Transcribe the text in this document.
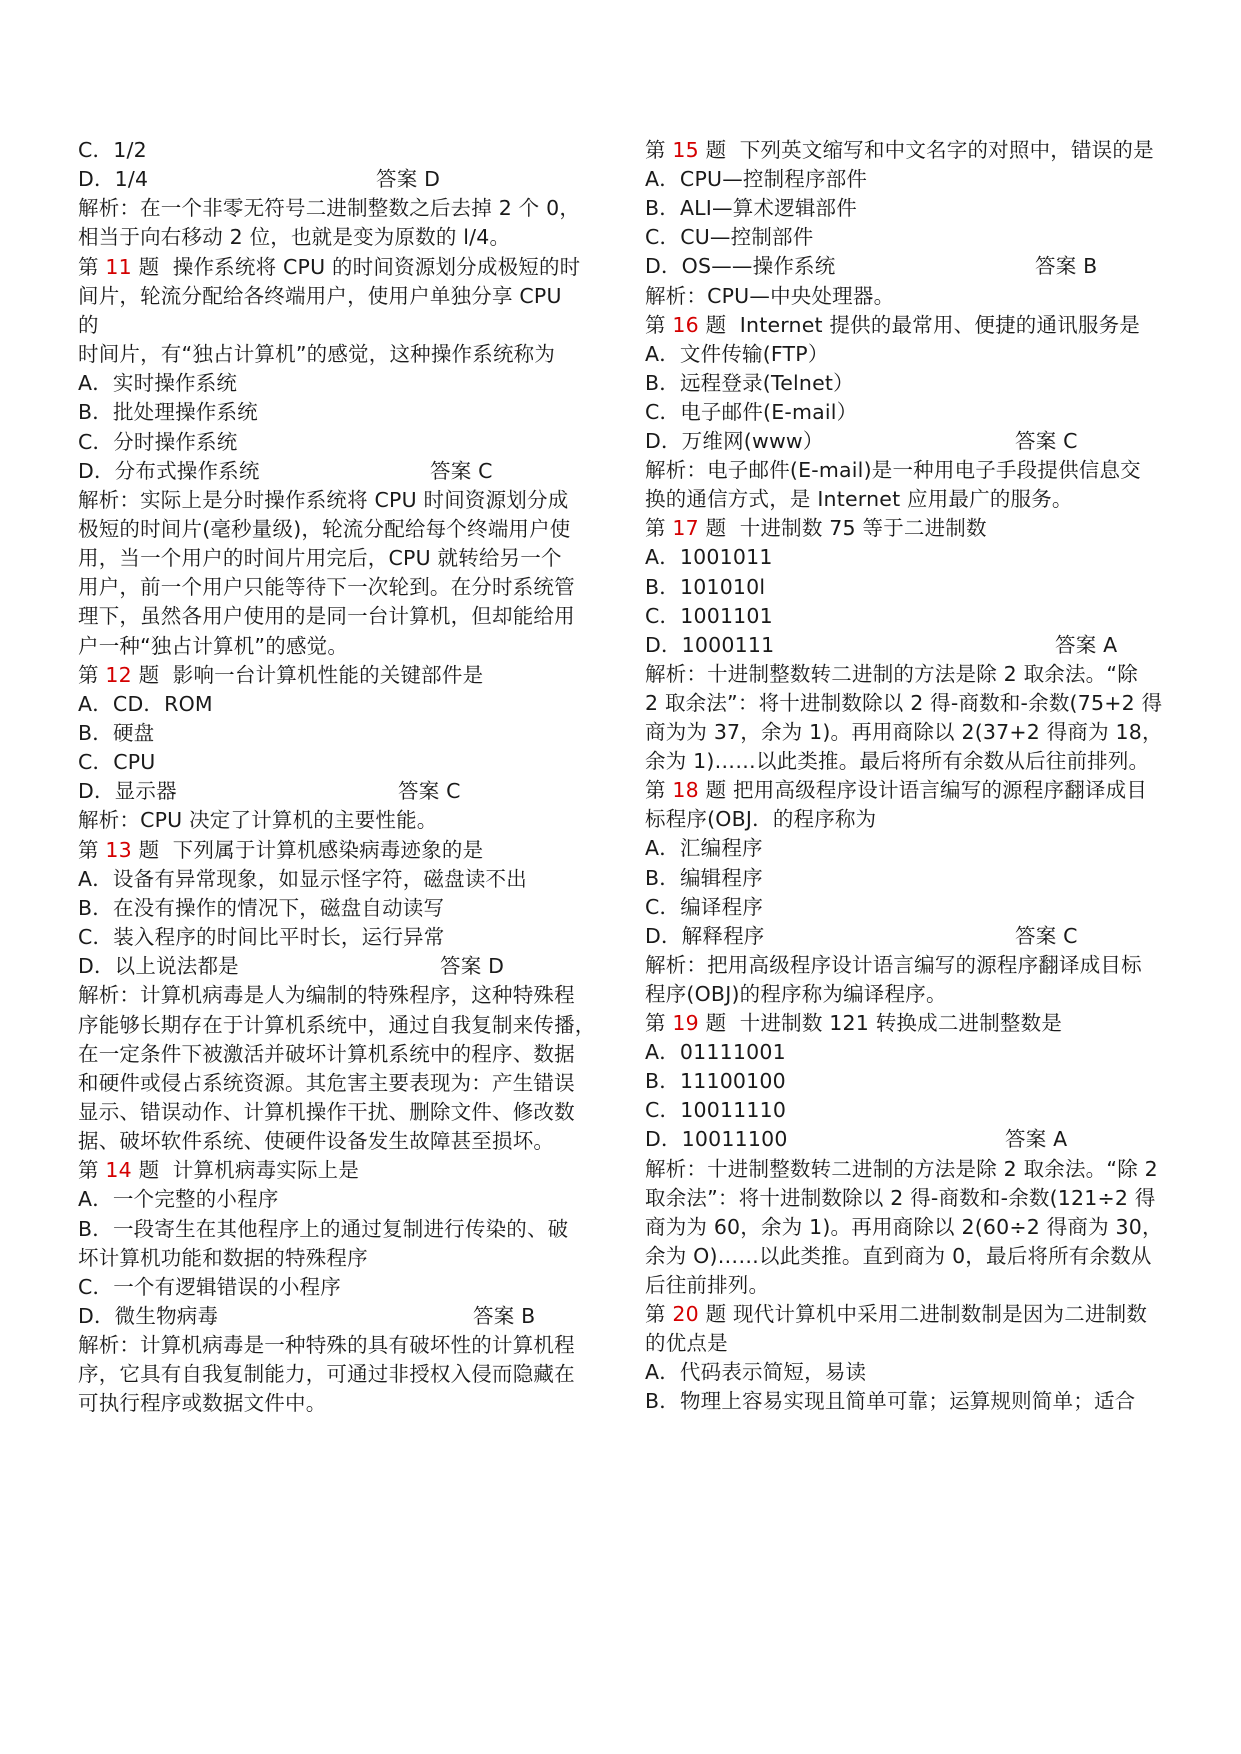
C．1/2
D．1/4	答案 D
解析：在一个非零无符号二进制整数之后去掉 2 个 0，
相当于向右移动 2 位，也就是变为原数的 l/4。
第 11 题  操作系统将 CPU 的时间资源划分成极短的时
间片，轮流分配给各终端用户，使用户单独分享 CPU
的
时间片，有“独占计算机”的感觉，这种操作系统称为
A．实时操作系统
B．批处理操作系统
C．分时操作系统
D．分布式操作系统	答案 C
解析：实际上是分时操作系统将 CPU 时间资源划分成
极短的时间片(毫秒量级)，轮流分配给每个终端用户使
用，当一个用户的时间片用完后，CPU 就转给另一个
用户，前一个用户只能等待下一次轮到。在分时系统管
理下，虽然各用户使用的是同一台计算机，但却能给用
户一种“独占计算机”的感觉。
第 12 题  影响一台计算机性能的关键部件是
A．CD．ROM
B．硬盘
C．CPU
D．显示器	答案 C
解析：CPU 决定了计算机的主要性能。
第 13 题  下列属于计算机感染病毒迹象的是
A．设备有异常现象，如显示怪字符，磁盘读不出
B．在没有操作的情况下，磁盘自动读写
C．装入程序的时间比平时长，运行异常
D．以上说法都是	答案 D
解析：计算机病毒是人为编制的特殊程序，这种特殊程
序能够长期存在于计算机系统中，通过自我复制来传播，
在一定条件下被激活并破坏计算机系统中的程序、数据
和硬件或侵占系统资源。其危害主要表现为：产生错误
显示、错误动作、计算机操作干扰、删除文件、修改数
据、破坏软件系统、使硬件设备发生故障甚至损坏。
第 14 题  计算机病毒实际上是
A．一个完整的小程序
B．一段寄生在其他程序上的通过复制进行传染的、破
坏计算机功能和数据的特殊程序
C．一个有逻辑错误的小程序
D．微生物病毒	答案 B
解析：计算机病毒是一种特殊的具有破坏性的计算机程
序，它具有自我复制能力，可通过非授权入侵而隐藏在
可执行程序或数据文件中。
第 15 题  下列英文缩写和中文名字的对照中，错误的是
A．CPU—控制程序部件
B．ALI—算术逻辑部件
C．CU—控制部件
D．OS——操作系统	答案 B
解析：CPU—中央处理器。
第 16 题  Internet 提供的最常用、便捷的通讯服务是
A．文件传输(FTP）
B．远程登录(Telnet）
C．电子邮件(E-mail）
D．万维网(www）	答案 C
解析：电子邮件(E-mail)是一种用电子手段提供信息交
换的通信方式，是 Internet 应用最广的服务。
第 17 题  十进制数 75 等于二进制数
A．1001011
B．101010l
C．1001101
D．1000111	答案 A
解析：十进制整数转二进制的方法是除 2 取余法。“除
2 取余法”：将十进制数除以 2 得-商数和-余数(75+2 得
商为为 37，余为 1)。再用商除以 2(37+2 得商为 18，
余为 1)……以此类推。最后将所有余数从后往前排列。
第 18 题 把用高级程序设计语言编写的源程序翻译成目
标程序(OBJ．的程序称为
A．汇编程序
B．编辑程序
C．编译程序
D．解释程序	答案 C
解析：把用高级程序设计语言编写的源程序翻译成目标
程序(OBJ)的程序称为编译程序。
第 19 题  十进制数 121 转换成二进制整数是
A．01111001
B．11100100
C．10011110
D．10011100	答案 A
解析：十进制整数转二进制的方法是除 2 取余法。“除 2
取余法”：将十进制数除以 2 得-商数和-余数(121÷2 得
商为为 60，余为 1)。再用商除以 2(60÷2 得商为 30，
余为 O)……以此类推。直到商为 0，最后将所有余数从
后往前排列。
第 20 题 现代计算机中采用二进制数制是因为二进制数
的优点是
A．代码表示简短，易读
B．物理上容易实现且简单可靠；运算规则简单；适合
